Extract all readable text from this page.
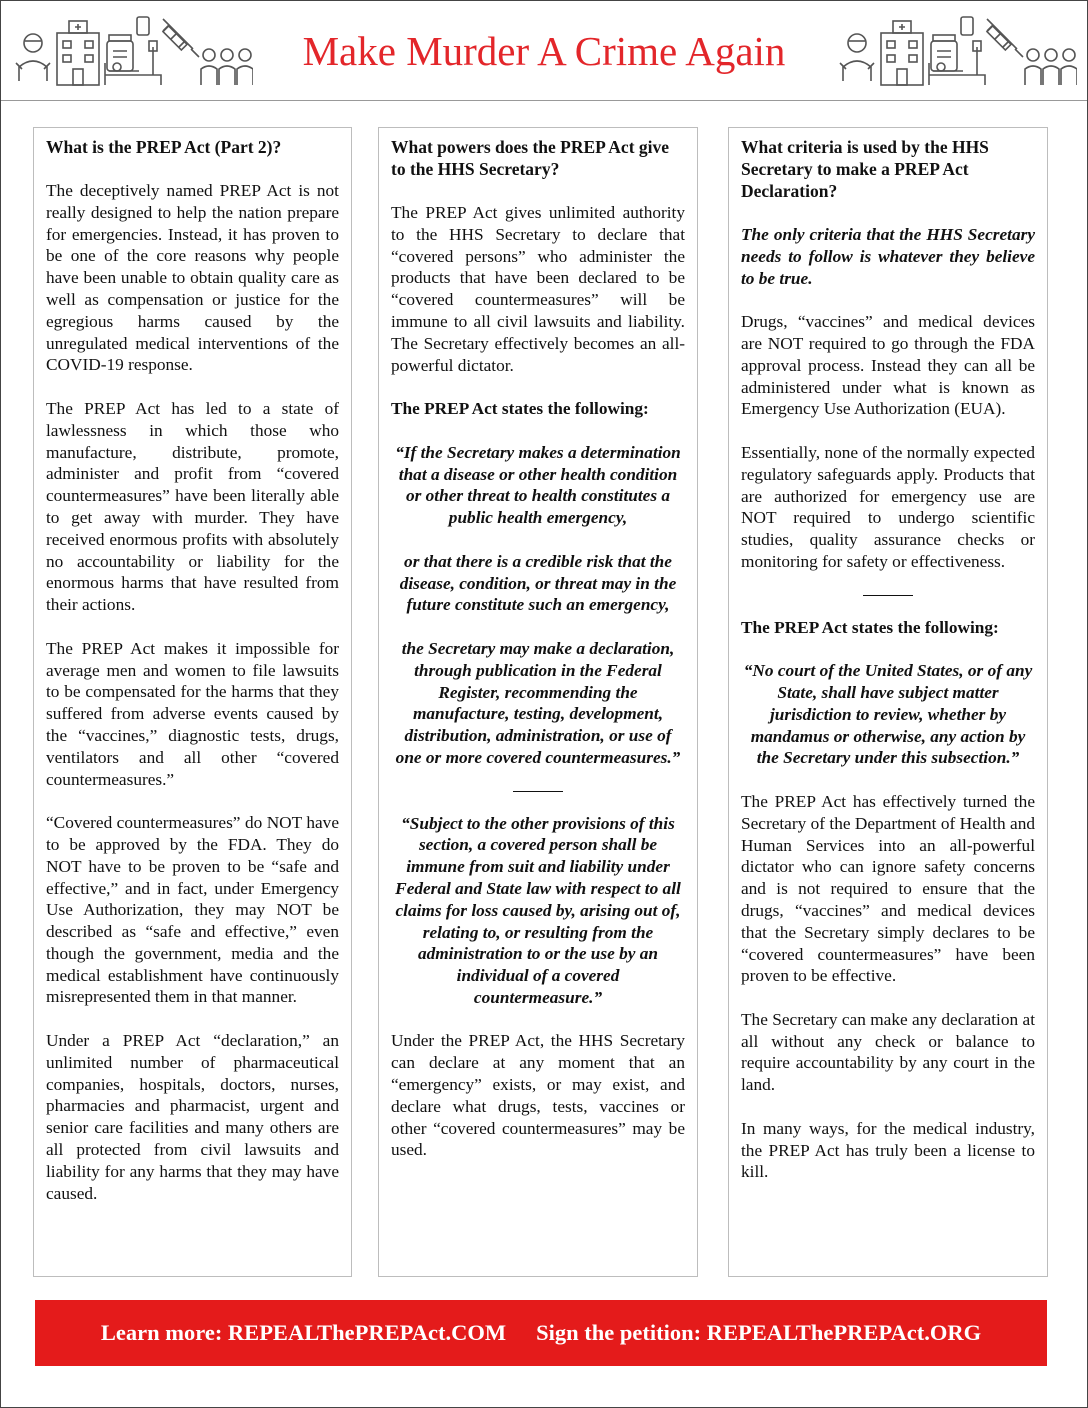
Make Murder A Crime Again
What is the PREP Act (Part 2)?

The deceptively named PREP Act is not really designed to help the nation prepare for emergencies. Instead, it has proven to be one of the core reasons why people have been unable to obtain quality care as well as compensation or justice for the egregious harms caused by the unregulated medical interventions of the COVID-19 response.

The PREP Act has led to a state of lawlessness in which those who manufacture, distribute, promote, administer and profit from “covered countermeasures” have been literally able to get away with murder. They have received enormous profits with absolutely no accountability or liability for the enormous harms that have resulted from their actions.

The PREP Act makes it impossible for average men and women to file lawsuits to be compensated for the harms that they suffered from adverse events caused by the “vaccines,” diagnostic tests, drugs, ventilators and all other “covered countermeasures.”

“Covered countermeasures” do NOT have to be approved by the FDA. They do NOT have to be proven to be “safe and effective,” and in fact, under Emergency Use Authorization, they may NOT be described as “safe and effective,” even though the government, media and the medical establishment have continuously misrepresented them in that manner.

Under a PREP Act “declaration,” an unlimited number of pharmaceutical companies, hospitals, doctors, nurses, pharmacies and pharmacist, urgent and senior care facilities and many others are all protected from civil lawsuits and liability for any harms that they may have caused.

What powers does the PREP Act give to the HHS Secretary?

The PREP Act gives unlimited authority to the HHS Secretary to declare that “covered persons” who administer the products that have been declared to be “covered countermeasures” will be immune to all civil lawsuits and liability. The Secretary effectively becomes an all-powerful dictator.

The PREP Act states the following:

“If the Secretary makes a determination that a disease or other health condition or other threat to health constitutes a public health emergency,

or that there is a credible risk that the disease, condition, or threat may in the future constitute such an emergency,

the Secretary may make a declaration, through publication in the Federal Register, recommending the manufacture, testing, development, distribution, administration, or use of one or more covered countermeasures.”

“Subject to the other provisions of this section, a covered person shall be immune from suit and liability under Federal and State law with respect to all claims for loss caused by, arising out of, relating to, or resulting from the administration to or the use by an individual of a covered countermeasure.”

Under the PREP Act, the HHS Secretary can declare at any moment that an “emergency” exists, or may exist, and declare what drugs, tests, vaccines or other “covered countermeasures” may be used.

What criteria is used by the HHS Secretary to make a PREP Act Declaration?

The only criteria that the HHS Secretary needs to follow is whatever they believe to be true.

Drugs, “vaccines” and medical devices are NOT required to go through the FDA approval process. Instead they can all be administered under what is known as Emergency Use Authorization (EUA).

Essentially, none of the normally expected regulatory safeguards apply. Products that are authorized for emergency use are NOT required to undergo scientific studies, quality assurance checks or monitoring for safety or effectiveness.

The PREP Act states the following:

“No court of the United States, or of any State, shall have subject matter jurisdiction to review, whether by mandamus or otherwise, any action by the Secretary under this subsection.”

The PREP Act has effectively turned the Secretary of the Department of Health and Human Services into an all-powerful dictator who can ignore safety concerns and is not required to ensure that the drugs, “vaccines” and medical devices that the Secretary simply declares to be “covered countermeasures” have been proven to be effective.

The Secretary can make any declaration at all without any check or balance to require accountability by any court in the land.

In many ways, for the medical industry, the PREP Act has truly been a license to kill.

Learn more: REPEALThePREPAct.COM Sign the petition: REPEALThePREPAct.ORG
